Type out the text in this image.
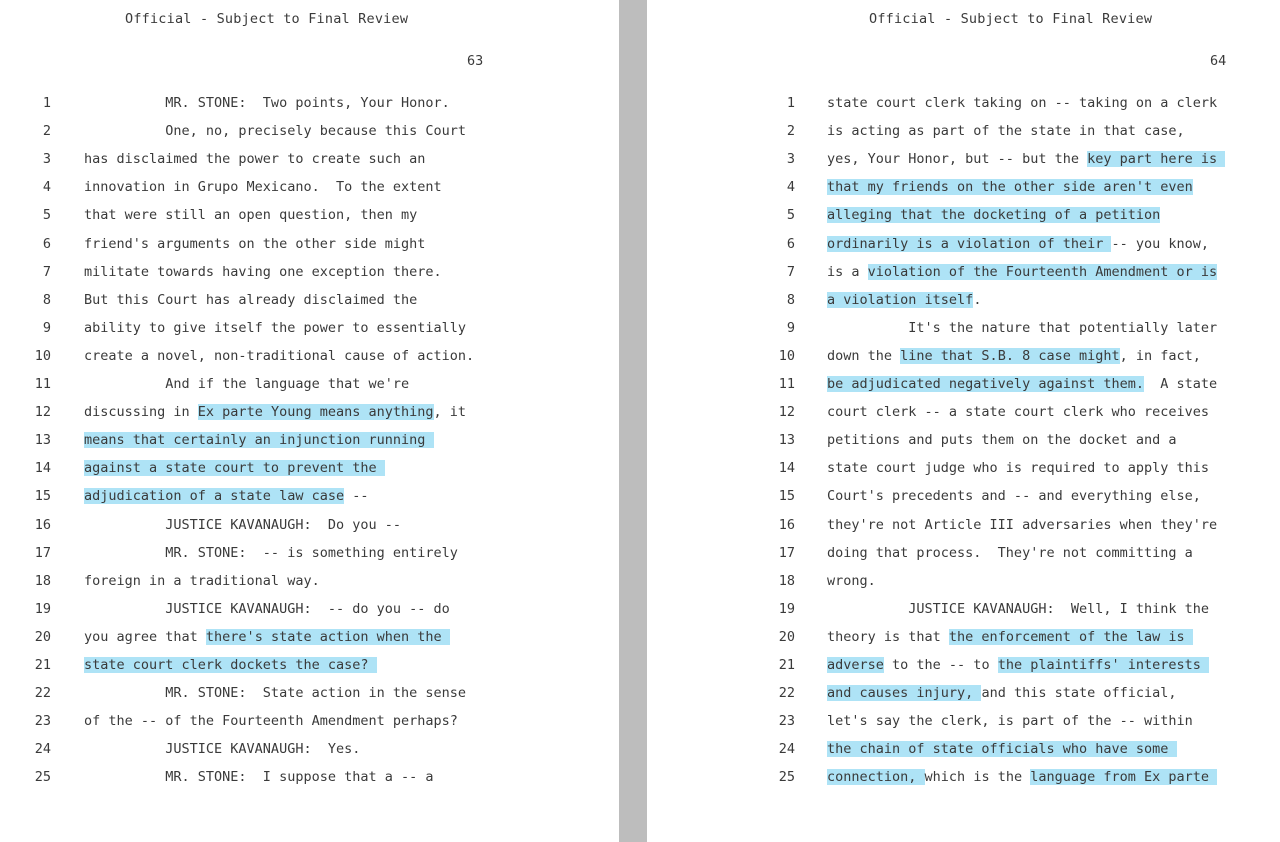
Official - Subject to Final Review
63
1 MR. STONE:  Two points, Your Honor.
2 One, no, precisely because this Court
3 has disclaimed the power to create such an
4 innovation in Grupo Mexicano.  To the extent
5 that were still an open question, then my
6 friend's arguments on the other side might
7 militate towards having one exception there.
8 But this Court has already disclaimed the
9 ability to give itself the power to essentially
10 create a novel, non-traditional cause of action.
11 And if the language that we're
12 discussing in Ex parte Young means anything, it
13 means that certainly an injunction running
14 against a state court to prevent the
15 adjudication of a state law case --
16 JUSTICE KAVANAUGH:  Do you --
17 MR. STONE:  -- is something entirely
18 foreign in a traditional way.
19 JUSTICE KAVANAUGH:  -- do you -- do
20 you agree that there's state action when the
21 state court clerk dockets the case?
22 MR. STONE:  State action in the sense
23 of the -- of the Fourteenth Amendment perhaps?
24 JUSTICE KAVANAUGH:  Yes.
25 MR. STONE:  I suppose that a -- a
Official - Subject to Final Review
64
1 state court clerk taking on -- taking on a clerk
2 is acting as part of the state in that case,
3 yes, Your Honor, but -- but the key part here is
4 that my friends on the other side aren't even
5 alleging that the docketing of a petition
6 ordinarily is a violation of their -- you know,
7 is a violation of the Fourteenth Amendment or is
8 a violation itself.
9 It's the nature that potentially later
10 down the line that S.B. 8 case might, in fact,
11 be adjudicated negatively against them.  A state
12 court clerk -- a state court clerk who receives
13 petitions and puts them on the docket and a
14 state court judge who is required to apply this
15 Court's precedents and -- and everything else,
16 they're not Article III adversaries when they're
17 doing that process.  They're not committing a
18 wrong.
19 JUSTICE KAVANAUGH:  Well, I think the
20 theory is that the enforcement of the law is
21 adverse to the -- to the plaintiffs' interests
22 and causes injury, and this state official,
23 let's say the clerk, is part of the -- within
24 the chain of state officials who have some
25 connection, which is the language from Ex parte
